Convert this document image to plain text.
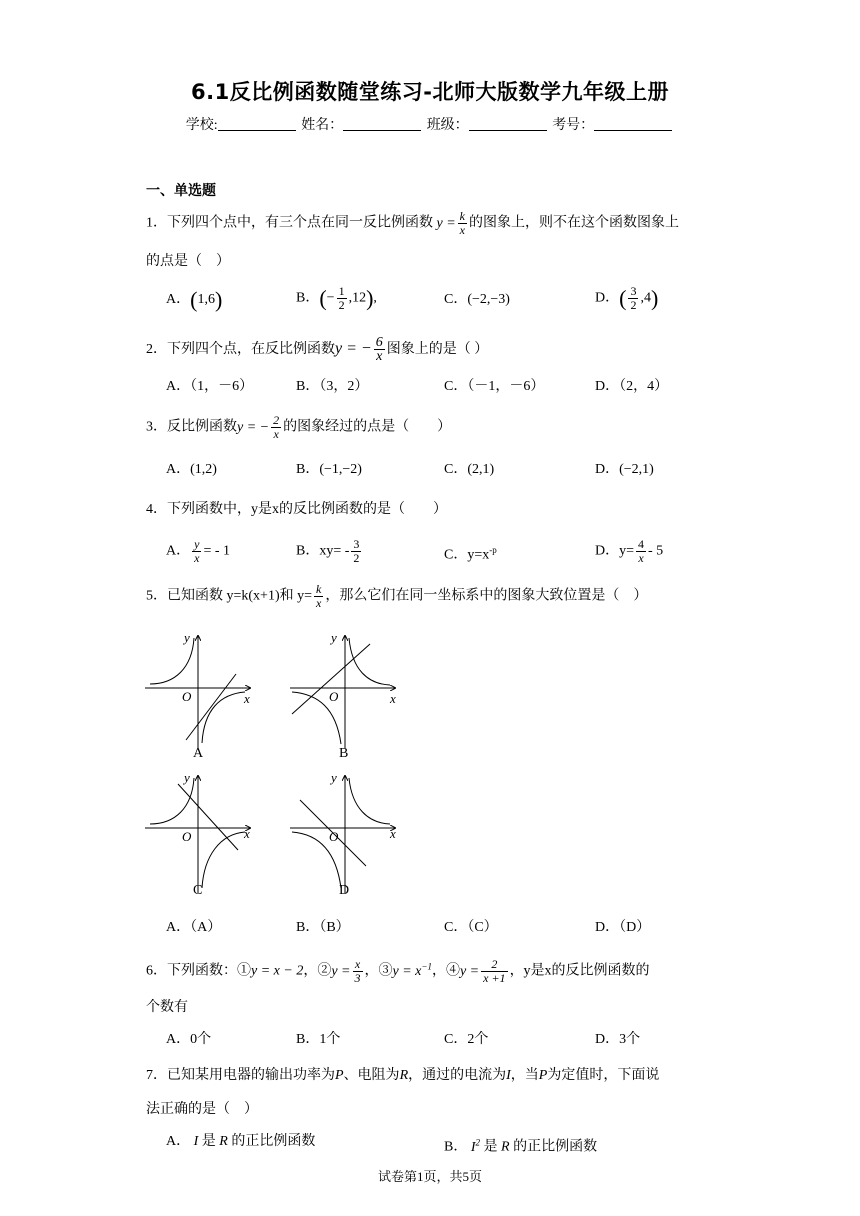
6.1反比例函数随堂练习-北师大版数学九年级上册
学校:	姓名：	班级：	考号：
一、单选题
1．下列四个点中，有三个点在同一反比例函数 $y = \frac{k}{x}$ 的图象上，则不在这个函数图象上
的点是（　）
A．(1,6)	B．(− $\frac{1}{2} ,12$),	C．(−2,−3)	D．( $\frac{3}{2} ,4$)
2．下列四个点，在反比例函数y = − $\frac{6}{x}$ 图象上的是（ ）
A．（1，－6）	B．（3，2）	C．（－1，－6）	D．（2，4）
3．反比例函数y = − $\frac{2}{x}$ 的图象经过的点是（　　）
A．(1,2)	B．(−1,−2)	C．(2,1)	D．(−2,1)
4．下列函数中，y是x的反比例函数的是（　　）
A． $\frac{y}{x}$ = - 1	B．$xy= - \frac{3}{2}$	C．$y=x^{-p}$	D．$y= \frac{4}{x} - 5$
5．已知函数 y=k(x+1)和 $y= \frac{k}{x}$ ，那么它们在同一坐标系中的图象大致位置是（　）
y
x
O
y
x
O
y
x
O
y
x
O
A	B
C	D
A．（A）	B．（B）	C．（C）	D．（D）
6．下列函数：①y = x − 2，②y = $\frac{x}{3}$ ，③y = $x^{-1}$，④y = $\frac{2}{x +1}$ ，y是x的反比例函数的
个数有
A．0个	B．1个	C．2个	D．3个
7．已知某用电器的输出功率为P、电阻为R，通过的电流为I，当P为定值时，下面说
法正确的是（　）
A． I 是 R 的正比例函数	B． $I^2$ 是 R 的正比例函数
试卷第1页，共5页
